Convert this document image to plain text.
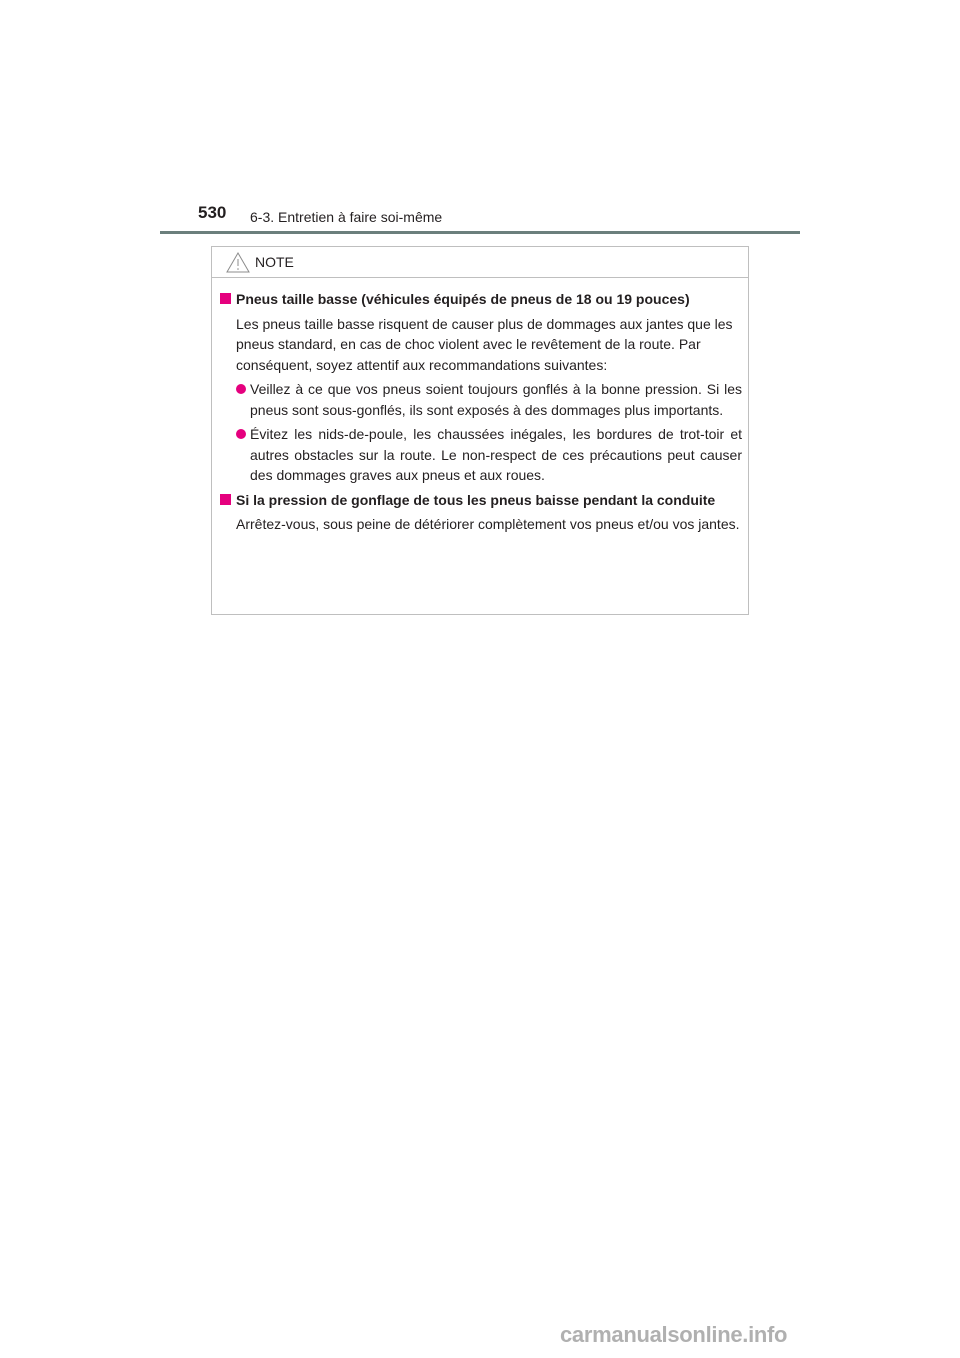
530 6-3. Entretien à faire soi-même
NOTE
Pneus taille basse (véhicules équipés de pneus de 18 ou 19 pouces)
Les pneus taille basse risquent de causer plus de dommages aux jantes que les pneus standard, en cas de choc violent avec le revêtement de la route. Par conséquent, soyez attentif aux recommandations suivantes:
Veillez à ce que vos pneus soient toujours gonflés à la bonne pression. Si les pneus sont sous-gonflés, ils sont exposés à des dommages plus importants.
Évitez les nids-de-poule, les chaussées inégales, les bordures de trot-toir et autres obstacles sur la route. Le non-respect de ces précautions peut causer des dommages graves aux pneus et aux roues.
Si la pression de gonflage de tous les pneus baisse pendant la conduite
Arrêtez-vous, sous peine de détériorer complètement vos pneus et/ou vos jantes.
carmanualsonline.info
